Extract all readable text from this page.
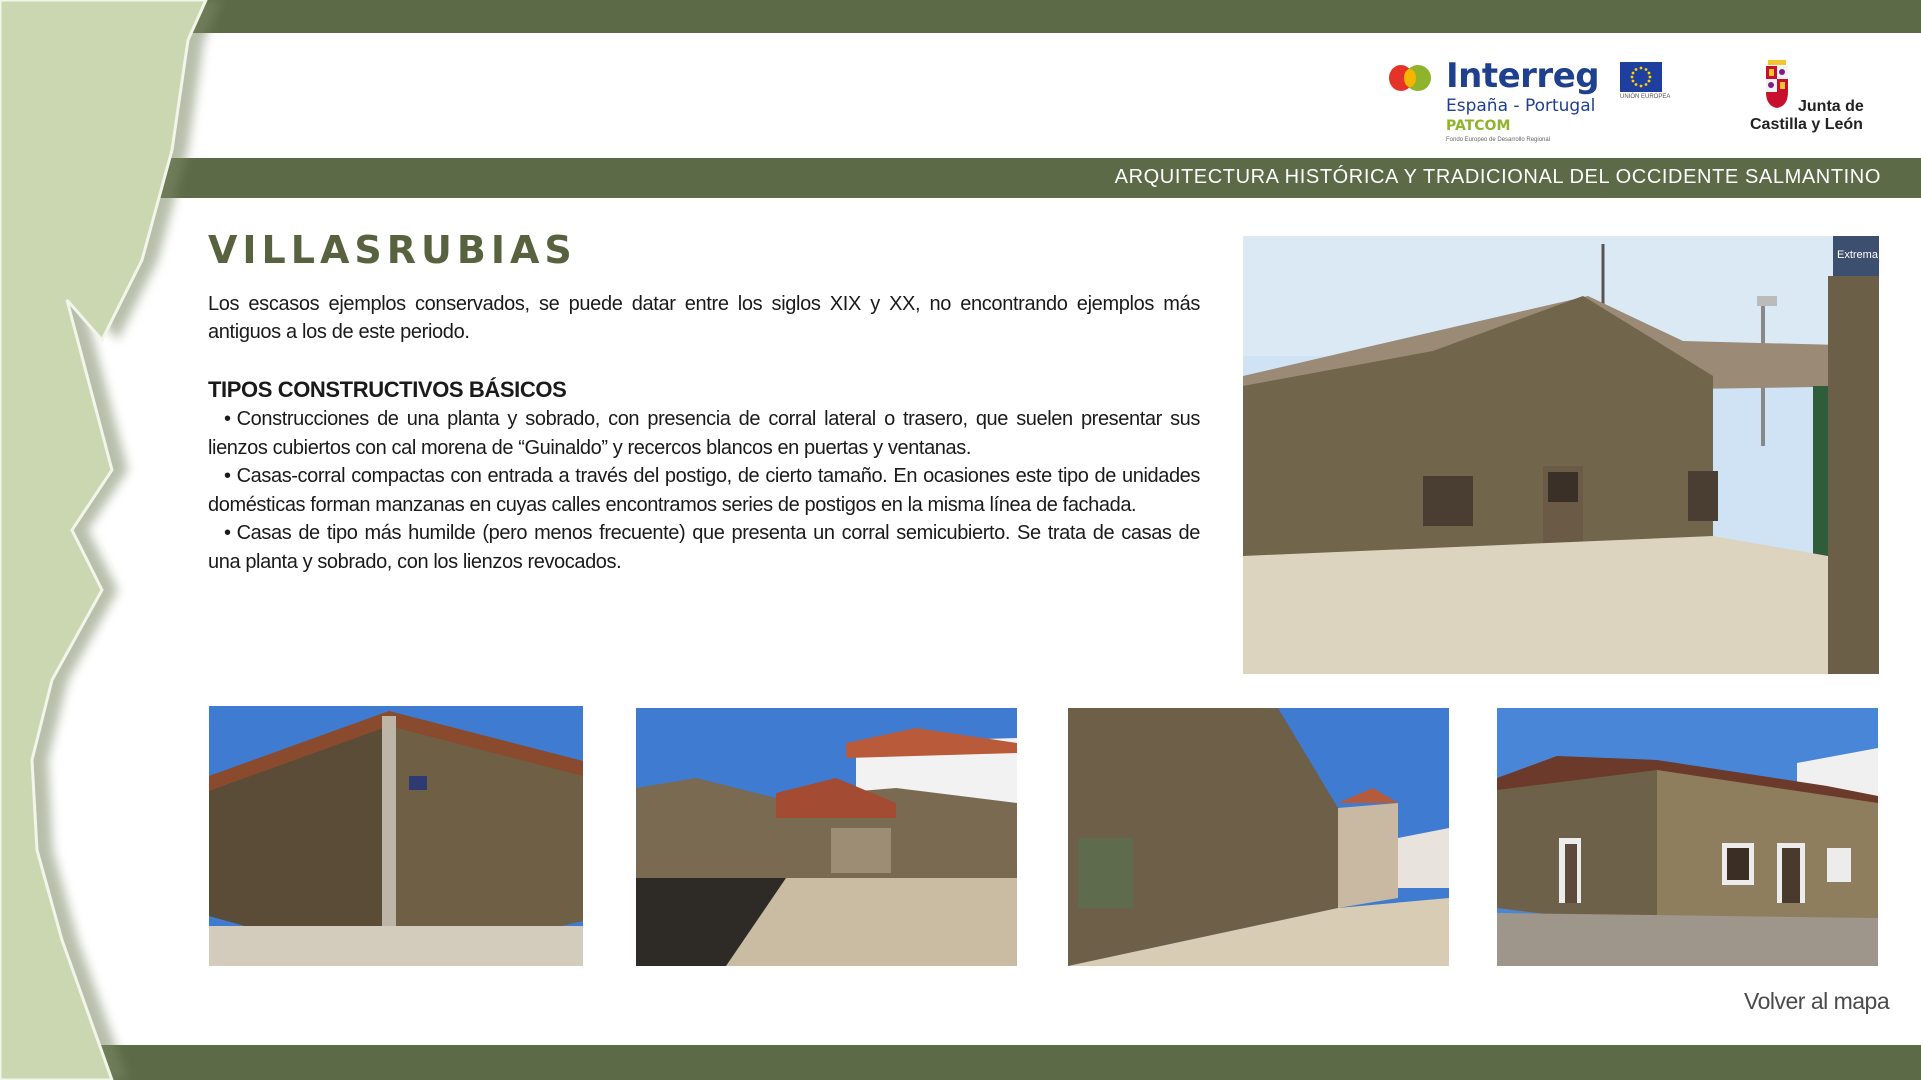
ARQUITECTURA HISTÓRICA Y TRADICIONAL DEL OCCIDENTE SALMANTINO
Interreg
UNIÓN EUROPEA
España - Portugal
PATCOM
Fondo Europeo de Desarrollo Regional
Junta de
Castilla y León
VILLASRUBIAS

Los escasos ejemplos conservados, se puede datar entre los siglos XIX y XX, no encontrando ejemplos más antiguos a los de este periodo.

TIPOS CONSTRUCTIVOS BÁSICOS

• Construcciones de una planta y sobrado, con presencia de corral lateral o trasero, que suelen presentar sus lienzos cubiertos con cal morena de “Guinaldo” y recercos blancos en puertas y ventanas.

• Casas-corral compactas con entrada a través del postigo, de cierto tamaño. En ocasiones este tipo de unidades domésticas forman manzanas en cuyas calles encontramos series de postigos en la misma línea de fachada.

• Casas de tipo más humilde (pero menos frecuente) que presenta un corral semicubierto. Se trata de casas de una planta y sobrado, con los lienzos revocados.

Extrema
Volver al mapa
